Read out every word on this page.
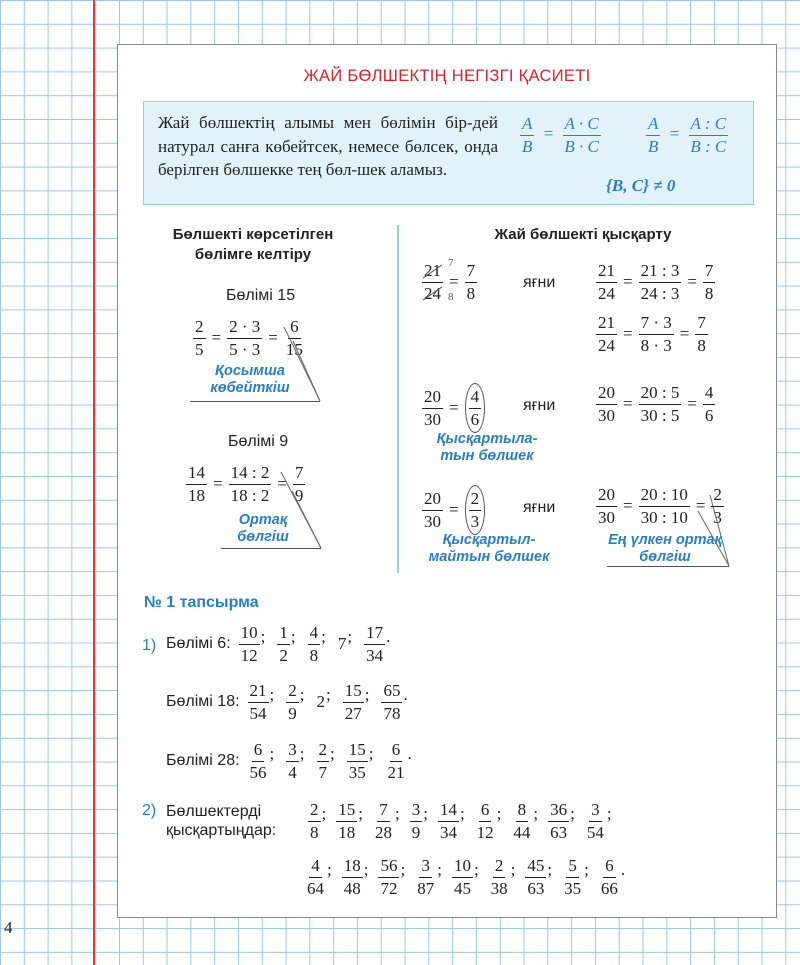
4
ЖАЙ БӨЛШЕКТІҢ НЕГІЗГІ ҚАСИЕТІ
Жай бөлшектің алымы мен бөлімін бір-дей натурал санға көбейтсек, немесе бөлсек, онда берілген бөлшекке тең бөл-шек аламыз.
$\frac{A}{B} = \frac{A \cdot C}{B \cdot C}$	$\frac{A}{B} = \frac{A : C}{B : C}$
{B, C} ≠ 0
Бөлшекті көрсетілген бөлімге келтіру
Бөлімі 15
$\frac{2}{5} = \frac{2 \cdot 3}{5 \cdot 3} = \frac{6}{15}$
Қосымша көбейткіш
Бөлімі 9
$\frac{14}{18} = \frac{14 : 2}{18 : 2} = \frac{7}{9}$
Ортақ бөлгіш
Жай бөлшекті қысқарту
$\frac{21}{24} = \frac{7}{8}$
7
8
яғни $\frac{21}{24} = \frac{21 : 3}{24 : 3} = \frac{7}{8}$
$\frac{21}{24} = \frac{7 \cdot 3}{8 \cdot 3} = \frac{7}{8}$
$\frac{20}{30} = \frac{4}{6}$	яғни $\frac{20}{30} = \frac{20 : 5}{30 : 5} = \frac{4}{6}$
Қысқартыла-тын бөлшек
$\frac{20}{30} = \frac{2}{3}$	яғни $\frac{20}{30} = \frac{20 : 10}{30 : 10} = \frac{2}{3}$
Қысқартыл-майтын бөлшек
Ең үлкен ортақ бөлгіш
№ 1 тапсырма
1) Бөлімі 6: $\frac{10}{12}$ ; $\frac{1}{2}$ ; $\frac{4}{8}$ ; 7 ; $\frac{17}{34}$ .
Бөлімі 18: $\frac{21}{54}$ ; $\frac{2}{9}$ ; 2 ; $\frac{15}{27}$ ; $\frac{65}{78}$ .
Бөлімі 28: $\frac{6}{56}$ ; $\frac{3}{4}$ ; $\frac{2}{7}$ ; $\frac{15}{35}$ ; $\frac{6}{21}$ .
2) Бөлшектерді қысқартыңдар: $\frac{2}{8}$ ; $\frac{15}{18}$ ; $\frac{7}{28}$ ; $\frac{3}{9}$ ; $\frac{14}{34}$ ; $\frac{6}{12}$ ; $\frac{8}{44}$ ; $\frac{36}{63}$ ; $\frac{3}{54}$ ;
$\frac{4}{64}$ ; $\frac{18}{48}$ ; $\frac{56}{72}$ ; $\frac{3}{87}$ ; $\frac{10}{45}$ ; $\frac{2}{38}$ ; $\frac{45}{63}$ ; $\frac{5}{35}$ ; $\frac{6}{66}$ .
